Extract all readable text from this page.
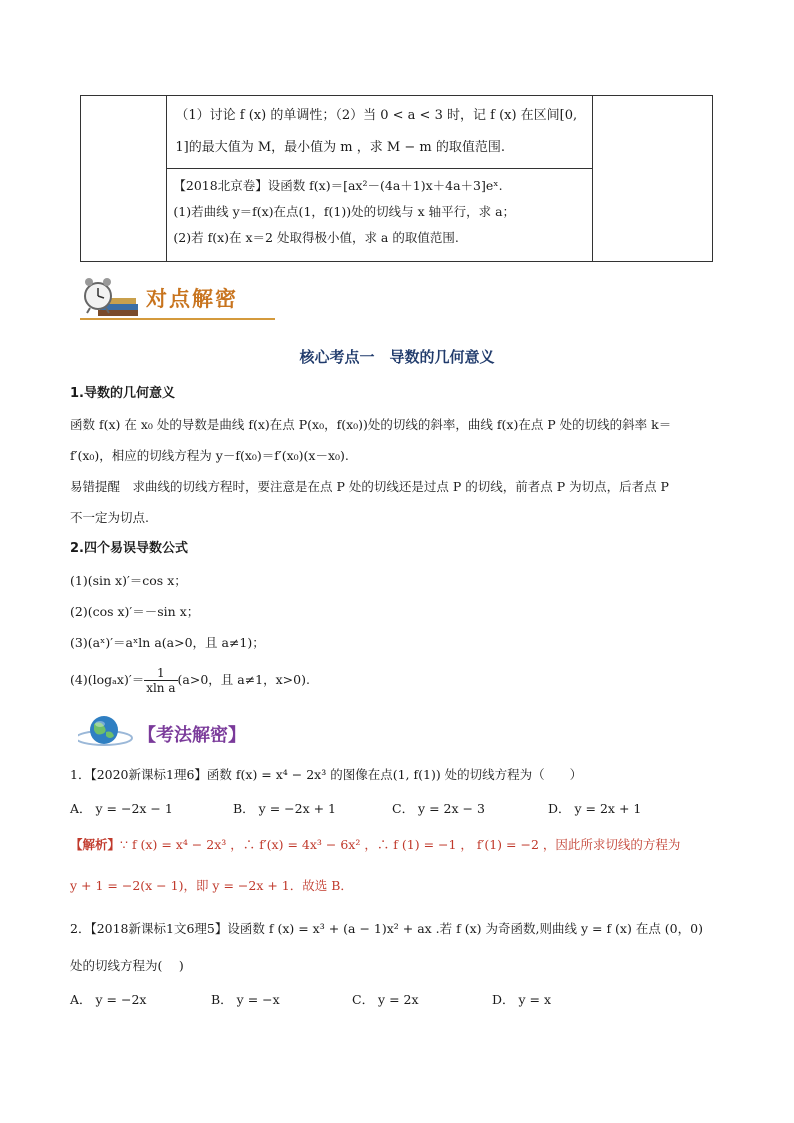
（1）讨论 f (x) 的单调性；（2）当 0 < a < 3 时，记 f (x) 在区间[0,
1]的最大值为 M，最小值为 m ，求 M − m 的取值范围.

【2018北京卷】设函数 f(x)＝[ax²－(4a＋1)x＋4a＋3]eˣ.
(1)若曲线 y＝f(x)在点(1，f(1))处的切线与 x 轴平行，求 a；
(2)若 f(x)在 x＝2 处取得极小值，求 a 的取值范围.
对点解密
核心考点一　导数的几何意义
1.导数的几何意义
函数 f(x) 在 x₀ 处的导数是曲线 f(x)在点 P(x₀，f(x₀))处的切线的斜率，曲线 f(x)在点 P 处的切线的斜率 k＝
f′(x₀)，相应的切线方程为 y－f(x₀)＝f′(x₀)(x－x₀).
易错提醒　求曲线的切线方程时，要注意是在点 P 处的切线还是过点 P 的切线，前者点 P 为切点，后者点 P
不一定为切点.
2.四个易误导数公式
(1)(sin x)′＝cos x；
(2)(cos x)′＝－sin x；
(3)(aˣ)′＝aˣln a(a>0，且 a≠1)；
$(4)(\log_ax)'= \frac{1}{\text{xln a}} (a>0$，且 a≠1，x>0).
【考法解密】
1．【2020新课标1理6】函数 f(x) = x⁴ − 2x³ 的图像在点(1, f(1)) 处的切线方程为（　　）
A． y = −2x − 1	B． y = −2x + 1	C． y = 2x − 3	D． y = 2x + 1
【解析】∵ f (x) = x⁴ − 2x³ ，∴ f′(x) = 4x³ − 6x² ，∴ f (1) = −1 ， f′(1) = −2 ，因此所求切线的方程为
y + 1 = −2(x − 1)，即 y = −2x + 1．故选 B．
2．【2018新课标1文6理5】设函数 f (x) = x³ + (a − 1)x² + ax .若 f (x) 为奇函数,则曲线 y = f (x) 在点 (0，0)
处的切线方程为(　 )
A． y = −2x	B． y = −x	C． y = 2x	D． y = x
